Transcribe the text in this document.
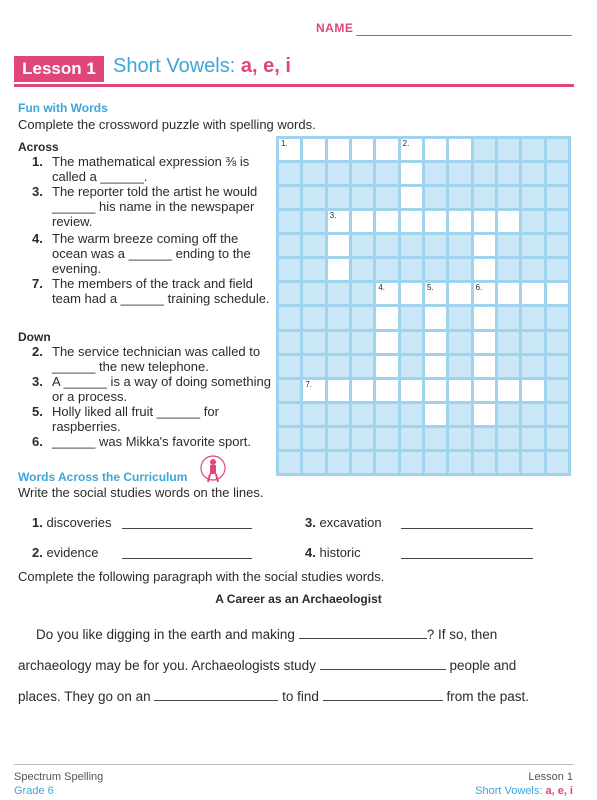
NAME
Lesson 1 Short Vowels: a, e, i
Fun with Words
Complete the crossword puzzle with spelling words.
Across
1. The mathematical expression ⅜ is called a ______.
3. The reporter told the artist he would ______ his name in the newspaper review.
4. The warm breeze coming off the ocean was a ______ ending to the evening.
7. The members of the track and field team had a ______ training schedule.
Down
2. The service technician was called to ______ the new telephone.
3. A ______ is a way of doing something or a process.
5. Holly liked all fruit ______ for raspberries.
6. ______ was Mikka's favorite sport.
1.	2.
3.
4.	5.	6.
7.
Words Across the Curriculum
Write the social studies words on the lines.
1. discoveries	3. excavation
2. evidence	4. historic
Complete the following paragraph with the social studies words.
A Career as an Archaeologist
Do you like digging in the earth and making	? If so, then
archaeology may be for you. Archaeologists study	people and
places. They go on an	to find	from the past.
Spectrum Spelling
Grade 6
Lesson 1
Short Vowels: a, e, i
